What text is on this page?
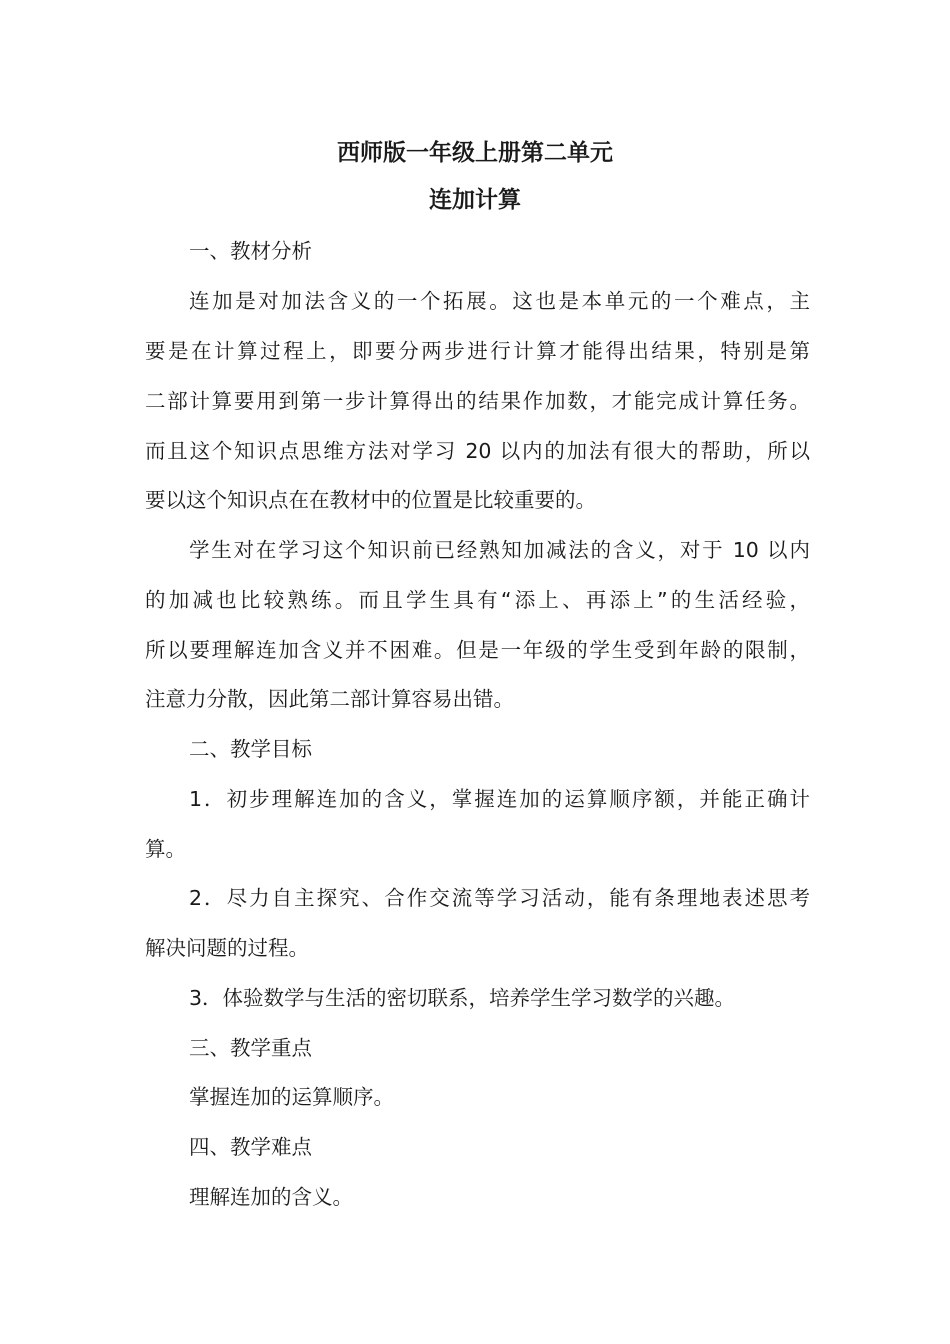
西师版一年级上册第二单元
连加计算

一、教材分析

连加是对加法含义的一个拓展。这也是本单元的一个难点，主

要是在计算过程上，即要分两步进行计算才能得出结果，特别是第

二部计算要用到第一步计算得出的结果作加数，才能完成计算任务。

而且这个知识点思维方法对学习 20 以内的加法有很大的帮助，所以

要以这个知识点在在教材中的位置是比较重要的。

学生对在学习这个知识前已经熟知加减法的含义，对于 10 以内

的加减也比较熟练。而且学生具有“添上、再添上”的生活经验，

所以要理解连加含义并不困难。但是一年级的学生受到年龄的限制，

注意力分散，因此第二部计算容易出错。

二、教学目标

1．初步理解连加的含义，掌握连加的运算顺序额，并能正确计

算。

2．尽力自主探究、合作交流等学习活动，能有条理地表述思考

解决问题的过程。

3．体验数学与生活的密切联系，培养学生学习数学的兴趣。

三、教学重点

掌握连加的运算顺序。

四、教学难点

理解连加的含义。
